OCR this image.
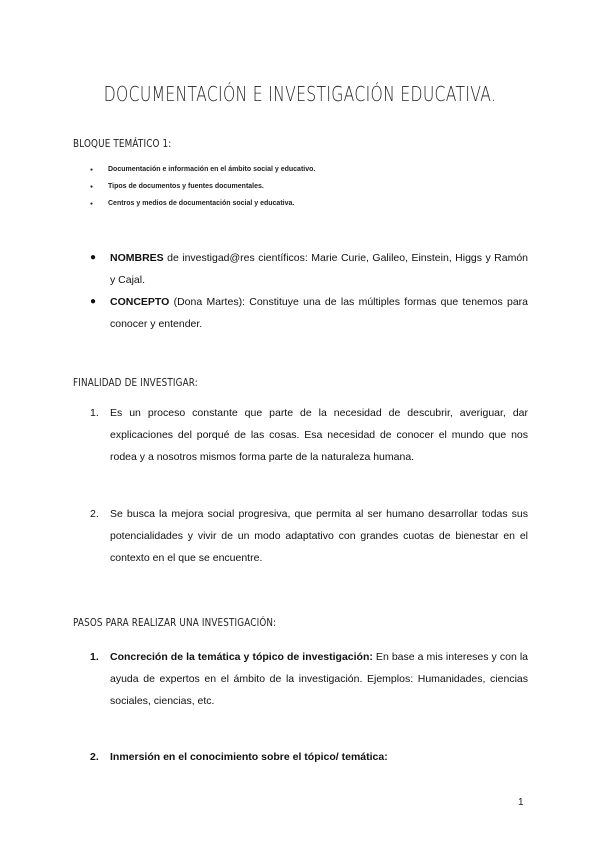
DOCUMENTACIÓN E INVESTIGACIÓN EDUCATIVA.
BLOQUE TEMÁTICO 1:
● Documentación e información en el ámbito social y educativo.
● Tipos de documentos y fuentes documentales.
● Centros y medios de documentación social y educativa.
● NOMBRES de investigad@res científicos: Marie Curie, Galileo, Einstein, Higgs y Ramón y Cajal.
● CONCEPTO (Dona Martes): Constituye una de las múltiples formas que tenemos para conocer y entender.
FINALIDAD DE INVESTIGAR:
1. Es un proceso constante que parte de la necesidad de descubrir, averiguar, dar explicaciones del porqué de las cosas. Esa necesidad de conocer el mundo que nos rodea y a nosotros mismos forma parte de la naturaleza humana.
2. Se busca la mejora social progresiva, que permita al ser humano desarrollar todas sus potencialidades y vivir de un modo adaptativo con grandes cuotas de bienestar en el contexto en el que se encuentre.
PASOS PARA REALIZAR UNA INVESTIGACIÓN:
1. Concreción de la temática y tópico de investigación: En base a mis intereses y con la ayuda de expertos en el ámbito de la investigación. Ejemplos: Humanidades, ciencias sociales, ciencias, etc.
2. Inmersión en el conocimiento sobre el tópico/ temática:
1
